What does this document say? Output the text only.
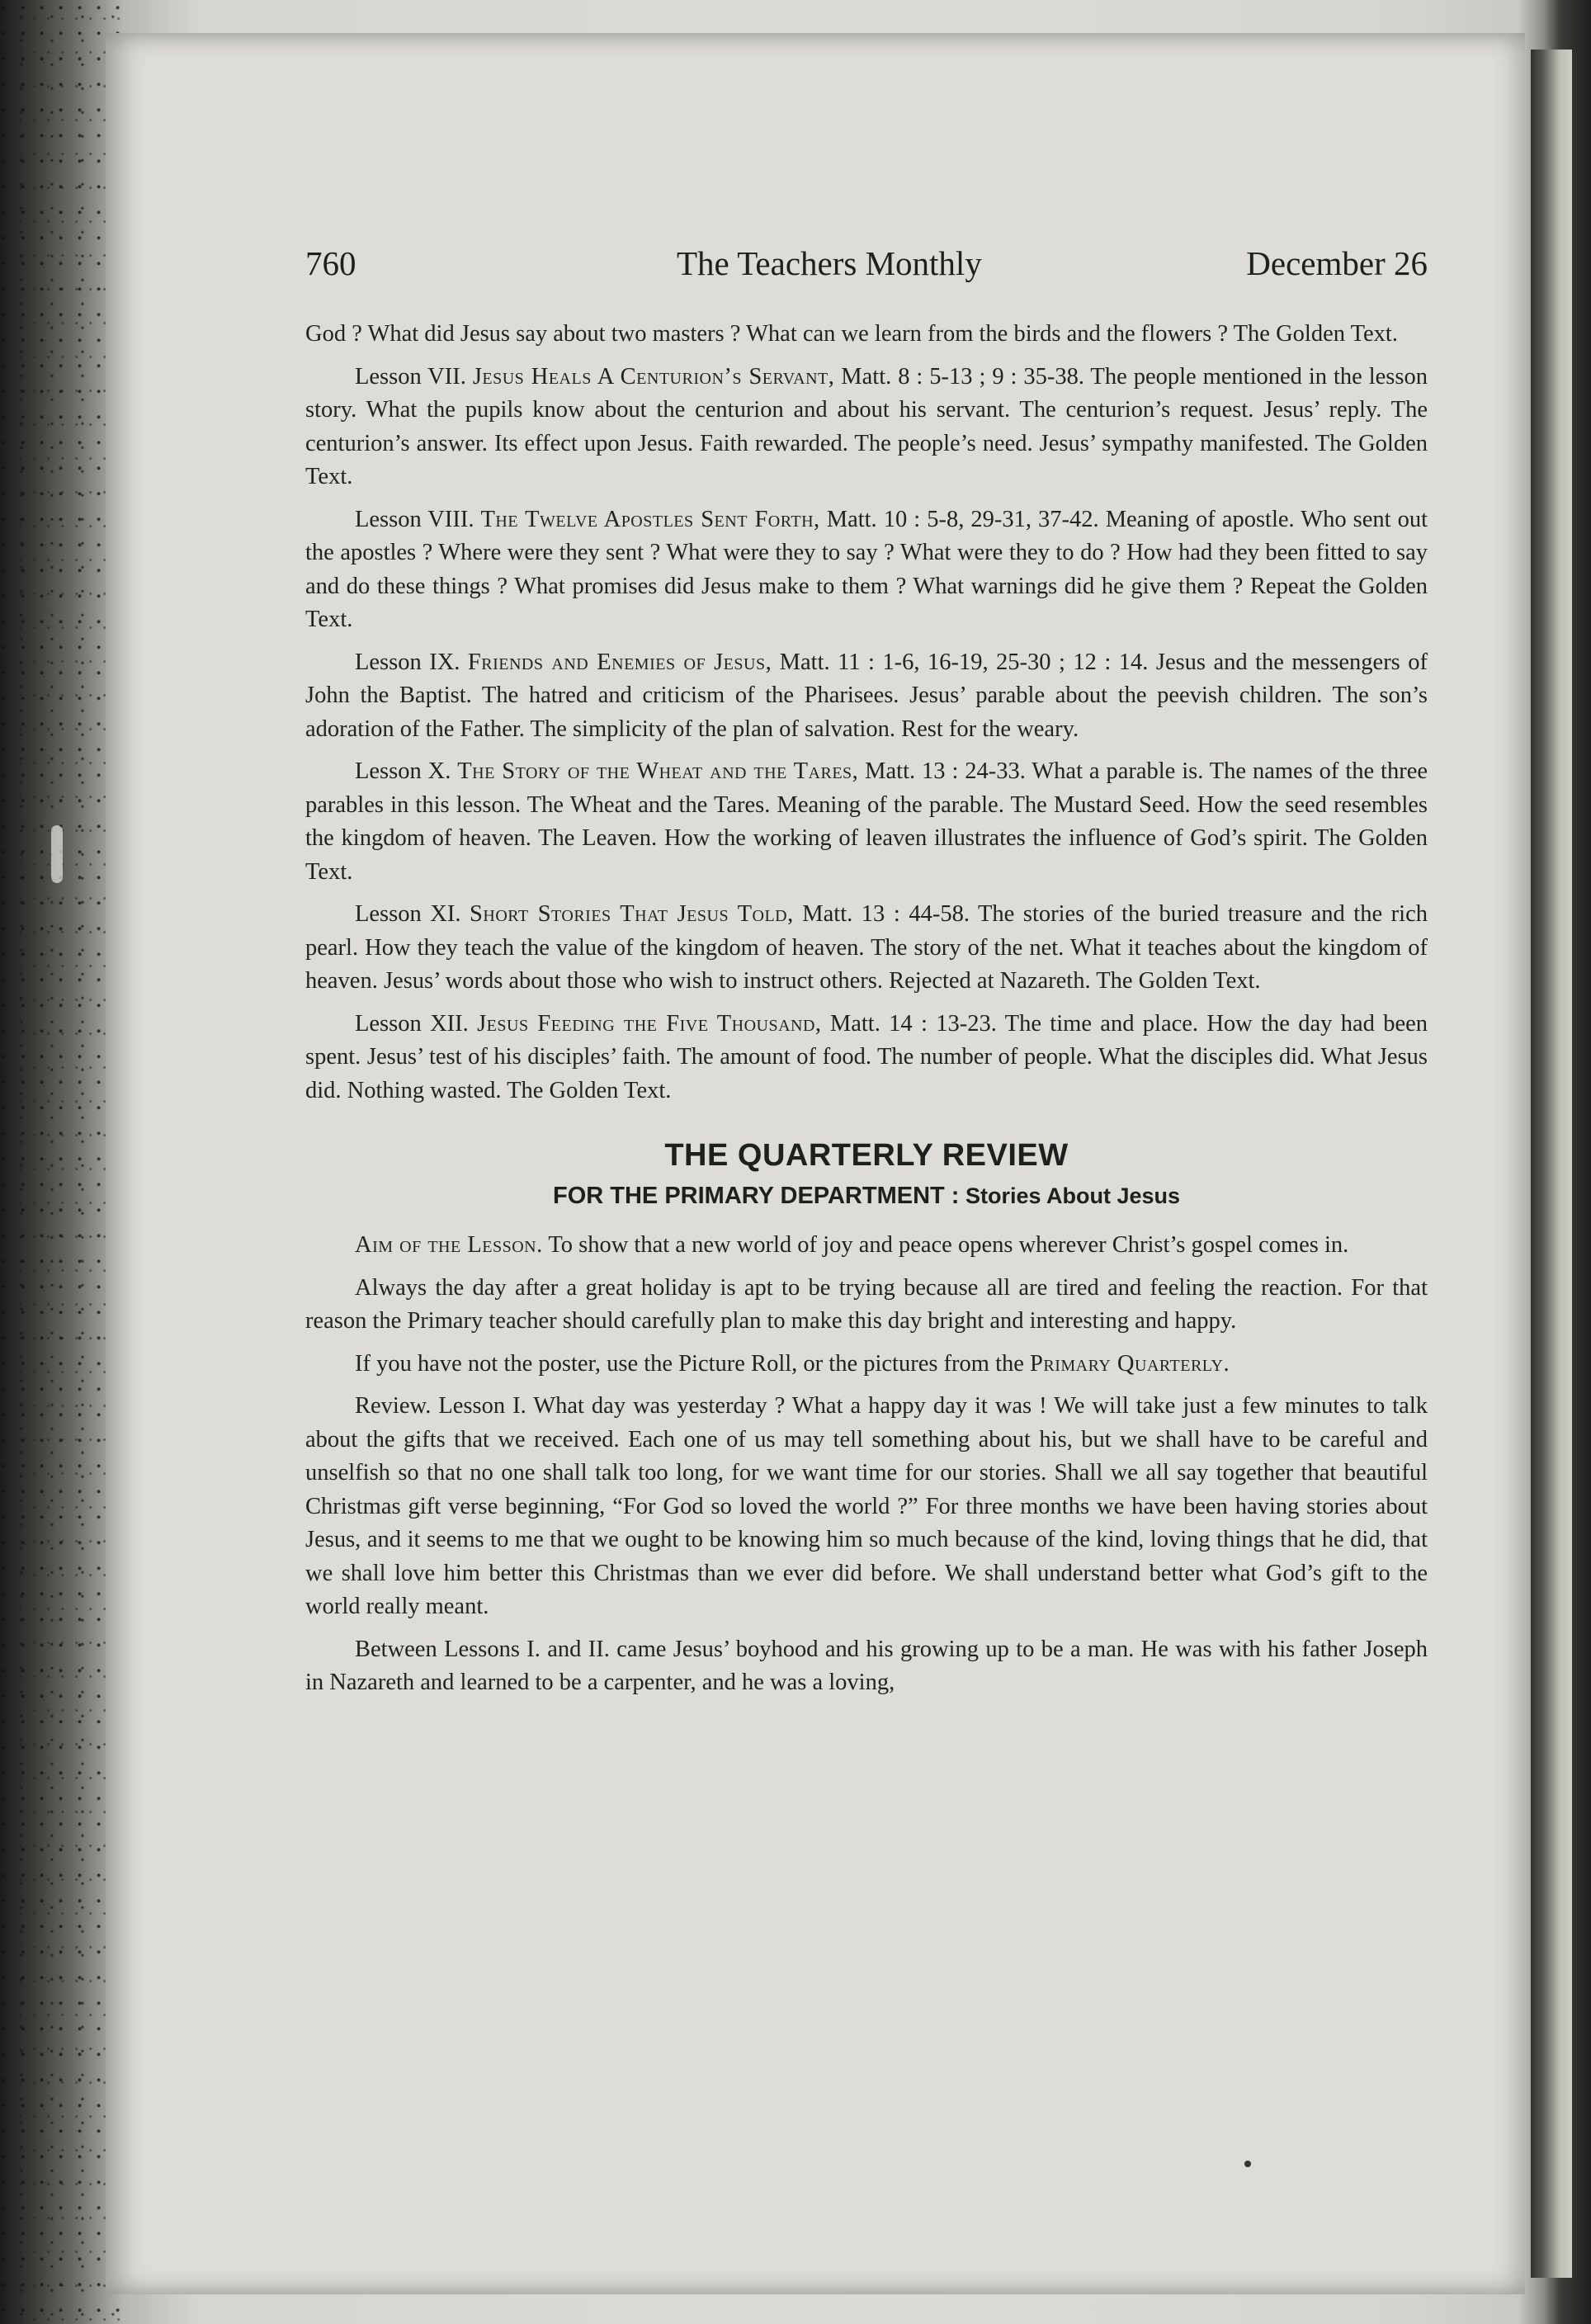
760	The Teachers Monthly	December 26

God ? What did Jesus say about two masters ? What can we learn from the birds and the flowers ? The Golden Text.

Lesson VII. Jesus Heals A Centurion’s Servant, Matt. 8 : 5-13 ; 9 : 35-38. The people mentioned in the lesson story. What the pupils know about the centurion and about his servant. The centurion’s request. Jesus’ reply. The centurion’s answer. Its effect upon Jesus. Faith rewarded. The people’s need. Jesus’ sympathy manifested. The Golden Text.

Lesson VIII. The Twelve Apostles Sent Forth, Matt. 10 : 5-8, 29-31, 37-42. Meaning of apostle. Who sent out the apostles ? Where were they sent ? What were they to say ? What were they to do ? How had they been fitted to say and do these things ? What promises did Jesus make to them ? What warnings did he give them ? Repeat the Golden Text.

Lesson IX. Friends and Enemies of Jesus, Matt. 11 : 1-6, 16-19, 25-30 ; 12 : 14. Jesus and the messengers of John the Baptist. The hatred and criticism of the Pharisees. Jesus’ parable about the peevish children. The son’s adoration of the Father. The simplicity of the plan of salvation. Rest for the weary.

Lesson X. The Story of the Wheat and the Tares, Matt. 13 : 24-33. What a parable is. The names of the three parables in this lesson. The Wheat and the Tares. Meaning of the parable. The Mustard Seed. How the seed resembles the kingdom of heaven. The Leaven. How the working of leaven illustrates the influence of God’s spirit. The Golden Text.

Lesson XI. Short Stories That Jesus Told, Matt. 13 : 44-58. The stories of the buried treasure and the rich pearl. How they teach the value of the kingdom of heaven. The story of the net. What it teaches about the kingdom of heaven. Jesus’ words about those who wish to instruct others. Rejected at Nazareth. The Golden Text.

Lesson XII. Jesus Feeding the Five Thousand, Matt. 14 : 13-23. The time and place. How the day had been spent. Jesus’ test of his disciples’ faith. The amount of food. The number of people. What the disciples did. What Jesus did. Nothing wasted. The Golden Text.

THE QUARTERLY REVIEW
FOR THE PRIMARY DEPARTMENT : Stories About Jesus

Aim of the Lesson. To show that a new world of joy and peace opens wherever Christ’s gospel comes in.

Always the day after a great holiday is apt to be trying because all are tired and feeling the reaction. For that reason the Primary teacher should carefully plan to make this day bright and interesting and happy.

If you have not the poster, use the Picture Roll, or the pictures from the Primary Quarterly.

Review. Lesson I. What day was yesterday ? What a happy day it was ! We will take just a few minutes to talk about the gifts that we received. Each one of us may tell something about his, but we shall have to be careful and unselfish so that no one shall talk too long, for we want time for our stories. Shall we all say together that beautiful Christmas gift verse beginning, “For God so loved the world ?” For three months we have been having stories about Jesus, and it seems to me that we ought to be knowing him so much because of the kind, loving things that he did, that we shall love him better this Christmas than we ever did before. We shall understand better what God’s gift to the world really meant.

Between Lessons I. and II. came Jesus’ boyhood and his growing up to be a man. He was with his father Joseph in Nazareth and learned to be a carpenter, and he was a loving,
